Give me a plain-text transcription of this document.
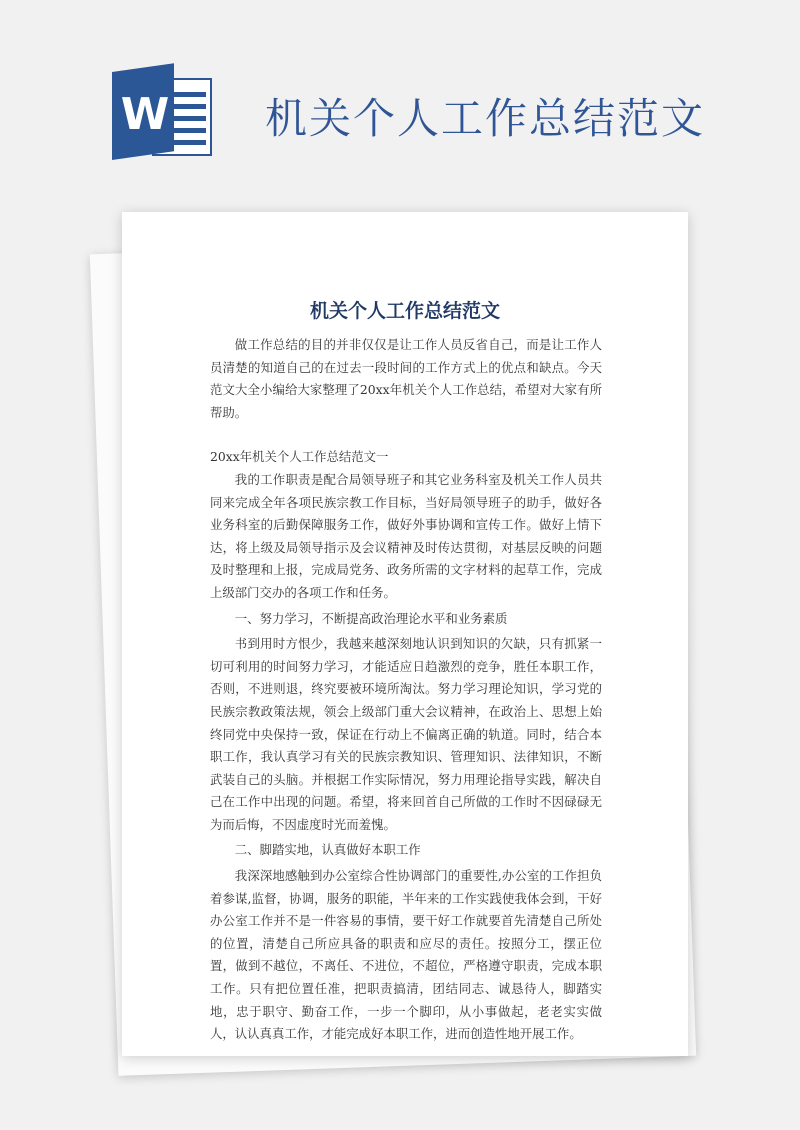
W 机关个人工作总结范文
机关个人工作总结范文

做工作总结的目的并非仅仅是让工作人员反省自己，而是让工作人员清楚的知道自己的在过去一段时间的工作方式上的优点和缺点。今天范文大全小编给大家整理了20xx年机关个人工作总结，希望对大家有所帮助。

20xx年机关个人工作总结范文一

我的工作职责是配合局领导班子和其它业务科室及机关工作人员共同来完成全年各项民族宗教工作目标，当好局领导班子的助手，做好各业务科室的后勤保障服务工作，做好外事协调和宣传工作。做好上情下达，将上级及局领导指示及会议精神及时传达贯彻，对基层反映的问题及时整理和上报，完成局党务、政务所需的文字材料的起草工作，完成上级部门交办的各项工作和任务。

一、努力学习，不断提高政治理论水平和业务素质

书到用时方恨少，我越来越深刻地认识到知识的欠缺，只有抓紧一切可利用的时间努力学习，才能适应日趋激烈的竞争，胜任本职工作，否则，不进则退，终究要被环境所淘汰。努力学习理论知识，学习党的民族宗教政策法规，领会上级部门重大会议精神，在政治上、思想上始终同党中央保持一致，保证在行动上不偏离正确的轨道。同时，结合本职工作，我认真学习有关的民族宗教知识、管理知识、法律知识，不断武装自己的头脑。并根据工作实际情况，努力用理论指导实践，解决自己在工作中出现的问题。希望，将来回首自己所做的工作时不因碌碌无为而后悔，不因虚度时光而羞愧。

二、脚踏实地，认真做好本职工作

我深深地感触到办公室综合性协调部门的重要性,办公室的工作担负着参谋,监督，协调，服务的职能，半年来的工作实践使我体会到，干好办公室工作并不是一件容易的事情，要干好工作就要首先清楚自己所处的位置，清楚自己所应具备的职责和应尽的责任。按照分工，摆正位置，做到不越位，不离任、不进位，不超位，严格遵守职责，完成本职工作。只有把位置任准，把职责搞清，团结同志、诚恳待人，脚踏实地，忠于职守、勤奋工作，一步一个脚印，从小事做起，老老实实做人，认认真真工作，才能完成好本职工作，进而创造性地开展工作。
